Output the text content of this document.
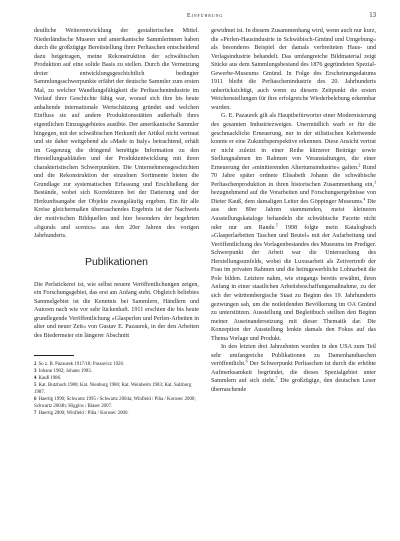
Einführung	13

deutliche Weiterentwicklung der gestalterischen Mittel. Niederländische Museen und amerikanische Sammlerinnen haben durch die großzügige Bereitstellung ihrer Perltaschen entscheidend dazu beigetragen, meine Rekonstruktion der schwäbischen Produktion auf eine solide Basis zu stellen. Durch die Vernetzung dreier entwicklungsgeschichtlich bedingter Sammlungsschwerpunkte erfährt der deutsche Sammler zum ersten Mal, zu welcher Wandlungsfähigkeit die Perltaschenindustrie im Verlauf ihrer Geschichte fähig war, worauf sich ihre bis heute anhaltende internationale Wertschätzung gründet und welchen Einfluss sie auf andere Produktionsstätten außerhalb ihres eigentlichen Einzugsgebietes ausübte. Der amerikanische Sammler hingegen, mit der schwäbischen Herkunft der Artikel nicht vertraut und sie daher weitgehend als »Made in Italy« betrachtend, erhält im Gegenzug die dringend benötigte Information zu den Herstellungsabläufen und der Produktentwicklung mit ihren charakteristischen Schwerpunkten. Die Unternehmensgeschichten und die Rekonstruktion der einzelnen Sortimente bieten die Grundlage zur systematischen Erfassung und Erschließung der Bestände, wobei sich Korrekturen bei der Datierung und der Herkunftsangabe der Objekte zwangsläufig ergeben. Ein für alle Kreise gleichermaßen überraschendes Ergebnis ist der Nachweis der motivischen Bildquellen und hier besonders der begehrten »figurals and scenics« aus den 20er Jahren des vorigen Jahrhunderts.

Publikationen

Die Perlstickerei ist, wie selbst neuere Veröffentlichungen zeigen, ein Forschungsgebiet, das erst am Anfang steht. Obgleich beliebtes Sammelgebiet ist die Kenntnis bei Sammlern, Händlern und Autoren nach wie vor sehr lückenhaft. 1911 erschien die bis heute grundlegende Veröffentlichung »Glasperlen und Perlen-Arbeiten in alter und neuer Zeit« von Gustav E. Pazaurek, in der den Arbeiten des Biedermeier ein längerer Abschnitt

2 So z. B. Pazaurek 1917/18; Passavicz 1926.
3 Johann 1982; Johann 1983.
4 Kauß 1986.
5 Kat. Butzbach 1980; Kat. Nienburg 1980; Kat. Weinheim 1983; Kat. Salzburg 1987.
6 Haertig 1990; Schwartz 1995 / Schwartz 2004a; Winfield / Piña / Korosec 2000; Schwartz 2004b; Higgins / Blaser 2007.
7 Haertig 2000; Winfield / Piña / Korosec 2000.

gewidmet ist. In diesem Zusammenhang wird, wenn auch nur kurz, die »Perlen-Hausindustrie in Schwäbisch-Gmünd und Umgebung« als besonderes Beispiel der damals verbreiteten Haus- und Verlagsindustrie behandelt. Das umfangreiche Bildmaterial zeigt Stücke aus dem Sammlungsbestand des 1876 gegründeten Spezial-Gewerbe-Museums Gmünd. In Folge des Erscheinungsdatums 1911 bleibt die Perltaschenindustrie des 20. Jahrhunderts unberücksichtigt, auch wenn zu diesem Zeitpunkt die ersten Weichenstellungen für ihre erfolgreiche Wiederbelebung erkennbar wurden.

G. E. Pazaurek gilt als Hauptbefürworter einer Modernisierung des gesamten Industriezweiges. Unermüdlich warb er für die geschmackliche Erneuerung, nur in der stilistischen Kehrtwende konnte er eine Zukunftsperspektive erkennen. Diese Ansicht vertrat er nicht zuletzt in einer Reihe kürzerer Beiträge sowie Stellungnahmen im Rahmen von Veranstaltungen, die einer Erneuerung der »minitierenden Altertumsindustrie« galten.$^2$ Rund 70 Jahre später ordnete Elisabeth Johann die schwäbische Perltaschenproduktion in ihren historischen Zusammenhang ein,$^3$ bezugnehmend auf die Vorarbeiten und Forschungsergebnisse von Dieter Kauß, dem damaligen Leiter des Göppinger Museums.$^4$ Die aus den 80er Jahren stammenden, meist kleineren Ausstellungskataloge behandeln die schwäbische Facette nicht oder nur am Rande.$^5$ 1998 folgte mein Katalogbuch »Glasperlarbeiten Taschen und Beutel« mit der Aufarbeitung und Veröffentlichung des Vorlagenbestandes des Museums im Prediger. Schwerpunkt der Arbeit war die Untersuchung des Herstellungsumfelds, wobei die Luxusarbeit als Zeitvertreib der Frau im privaten Rahmen und die heimgewerbliche Lohnarbeit die Pole bilden. Letztere nahm, wie eingangs bereits erwähnt, ihren Anfang in einer staatlichen Arbeitsbeschaffungsmaßnahme, zu der sich der württembergische Staat zu Beginn des 19. Jahrhunderts gezwungen sah, um die notleidenden Bevölkerung im OA Gmünd zu unterstützen. Ausstellung und Begleitbuch stellten den Beginn meiner Auseinandersetzung mit dieser Thematik dar. Die Konzeption der Ausstellung lenkte damals den Fokus auf das Thema Vorlage und Produkt.

In den letzten drei Jahrzehnten wurden in den USA zum Teil sehr umfangreiche Publikationen zu Damenhandtaschen veröffentlicht.$^6$ Der Schwerpunkt Perltaschen ist durch die erhöhte Aufmerksamkeit begründet, die dieses Spezialgebiet unter Sammlern auf sich zieht.$^7$ Die großzügige, den deutschen Leser überraschende
